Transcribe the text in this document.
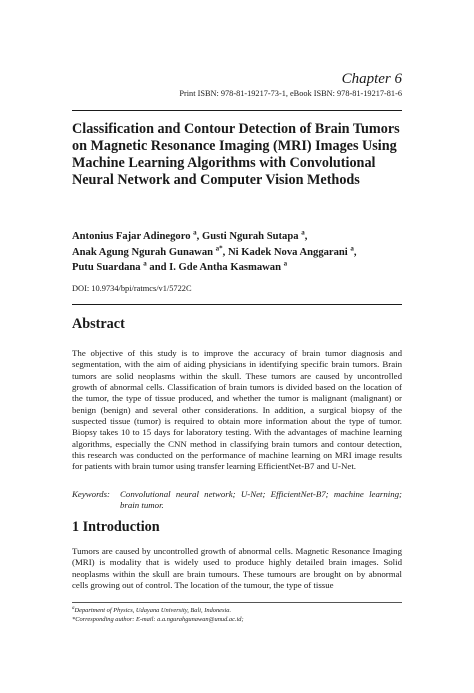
Chapter 6
Print ISBN: 978-81-19217-73-1, eBook ISBN: 978-81-19217-81-6
Classification and Contour Detection of Brain Tumors on Magnetic Resonance Imaging (MRI) Images Using Machine Learning Algorithms with Convolutional Neural Network and Computer Vision Methods

Antonius Fajar Adinegoro $^a$, Gusti Ngurah Sutapa $^a$,
Anak Agung Ngurah Gunawan $^{a*}$, Ni Kadek Nova Anggarani $^a$,
Putu Suardana $^a$ and I. Gde Antha Kasmawan $^a$

DOI: 10.9734/bpi/ratmcs/v1/5722C
Abstract

The objective of this study is to improve the accuracy of brain tumor diagnosis and segmentation, with the aim of aiding physicians in identifying specific brain tumors. Brain tumors are solid neoplasms within the skull. These tumors are caused by uncontrolled growth of abnormal cells. Classification of brain tumors is divided based on the location of the tumor, the type of tissue produced, and whether the tumor is malignant (malignant) or benign (benign) and several other considerations. In addition, a surgical biopsy of the suspected tissue (tumor) is required to obtain more information about the type of tumor. Biopsy takes 10 to 15 days for laboratory testing. With the advantages of machine learning algorithms, especially the CNN method in classifying brain tumors and contour detection, this research was conducted on the performance of machine learning on MRI image results for patients with brain tumor using transfer learning EfficientNet-B7 and U-Net.

Keywords: Convolutional neural network; U-Net; EfficientNet-B7; machine learning; brain tumor.

1 Introduction

Tumors are caused by uncontrolled growth of abnormal cells. Magnetic Resonance Imaging (MRI) is modality that is widely used to produce highly detailed brain images. Solid neoplasms within the skull are brain tumours. These tumours are brought on by abnormal cells growing out of control. The location of the tumour, the type of tissue

$^a$Department of Physics, Udayana University, Bali, Indonesia.

*Corresponding author: E-mail: a.a.ngurahgunawan@unud.ac.id;
